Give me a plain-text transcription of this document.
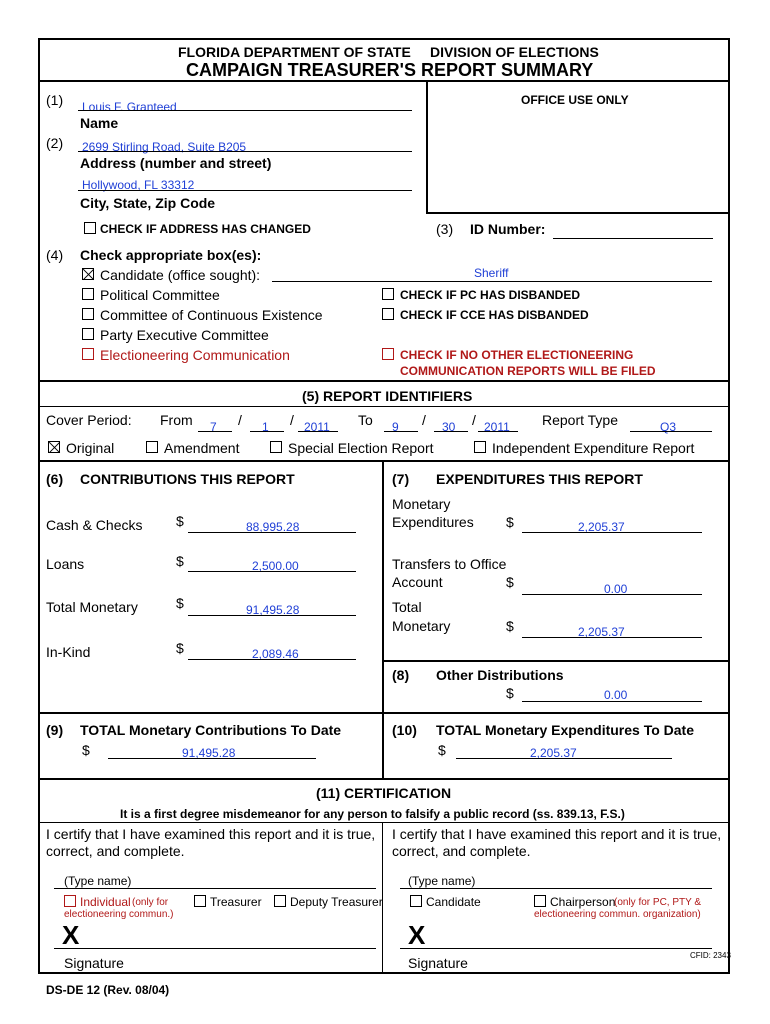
FLORIDA DEPARTMENT OF STATE DIVISION OF ELECTIONS
CAMPAIGN TREASURER'S REPORT SUMMARY
OFFICE USE ONLY
(1) Louis F. Granteed
Name
(2) 2699 Stirling Road, Suite B205
Address (number and street)
Hollywood, FL 33312
City, State, Zip Code
CHECK IF ADDRESS HAS CHANGED	(3) ID Number:
(4) Check appropriate box(es):
Candidate (office sought):	Sheriff
Political Committee	CHECK IF PC HAS DISBANDED
Committee of Continuous Existence	CHECK IF CCE HAS DISBANDED
Party Executive Committee
Electioneering Communication	CHECK IF NO OTHER ELECTIONEERING
COMMUNICATION REPORTS WILL BE FILED
(5) REPORT IDENTIFIERS
Cover Period: From 7 / 1 / 2011 To 9 / 30 / 2011 Report Type	Q3
Original	Amendment	Special Election Report	Independent Expenditure Report
(6) CONTRIBUTIONS THIS REPORT
Cash & Checks $	88,995.28
Loans	$	2,500.00
Total Monetary	$	91,495.28
In-Kind	$	2,089.46
(7) EXPENDITURES THIS REPORT
Monetary
Expenditures $	2,205.37
Transfers to Office
Account	$	0.00
Total
Monetary	$	2,205.37
(8) Other Distributions
$	0.00
(9) TOTAL Monetary Contributions To Date
$	91,495.28
(10) TOTAL Monetary Expenditures To Date
$	2,205.37
(11) CERTIFICATION
It is a first degree misdemeanor for any person to falsify a public record (ss. 839.13, F.S.)
I certify that I have examined this report and it is true,
correct, and complete.
(Type name)
Individual (only for
electioneering commun.)
Treasurer Deputy Treasurer
X
Signature
I certify that I have examined this report and it is true,
correct, and complete.
(Type name)
Candidate	Chairperson
(only for PC, PTY &
electioneering commun. organization)
X
Signature	CFID: 2343
DS-DE 12 (Rev. 08/04)
